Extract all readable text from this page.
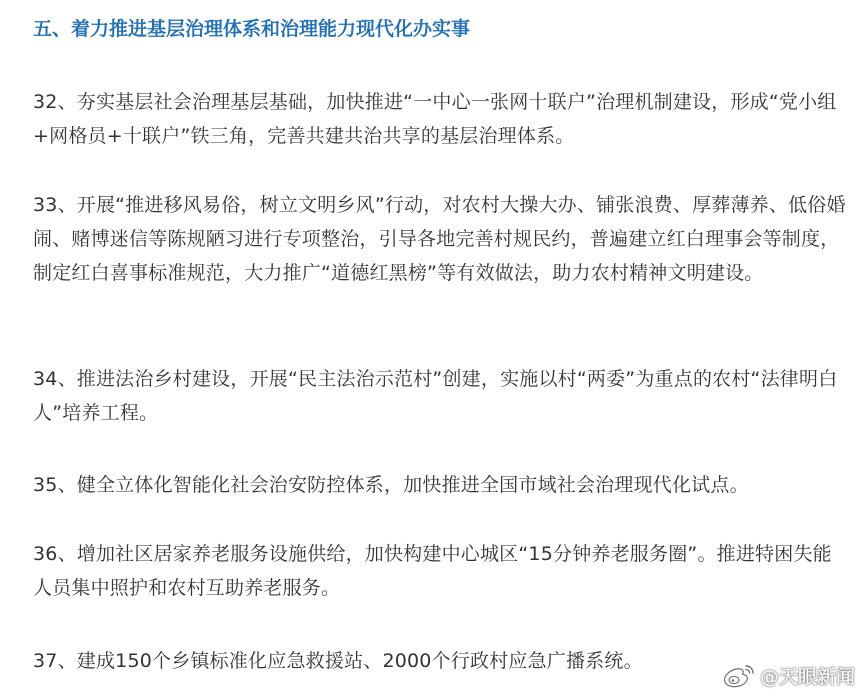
五、着力推进基层治理体系和治理能力现代化办实事

32、夯实基层社会治理基层基础，加快推进“一中心一张网十联户”治理机制建设，形成“党小组+网格员+十联户”铁三角，完善共建共治共享的基层治理体系。

33、开展“推进移风易俗，树立文明乡风”行动，对农村大操大办、铺张浪费、厚葬薄养、低俗婚闹、赌博迷信等陈规陋习进行专项整治，引导各地完善村规民约，普遍建立红白理事会等制度，制定红白喜事标准规范，大力推广“道德红黑榜”等有效做法，助力农村精神文明建设。

34、推进法治乡村建设，开展“民主法治示范村”创建，实施以村“两委”为重点的农村“法律明白人”培养工程。

35、健全立体化智能化社会治安防控体系，加快推进全国市域社会治理现代化试点。

36、增加社区居家养老服务设施供给，加快构建中心城区“15分钟养老服务圈”。推进特困失能人员集中照护和农村互助养老服务。

37、建成150个乡镇标准化应急救援站、2000个行政村应急广播系统。

@天眼新闻
